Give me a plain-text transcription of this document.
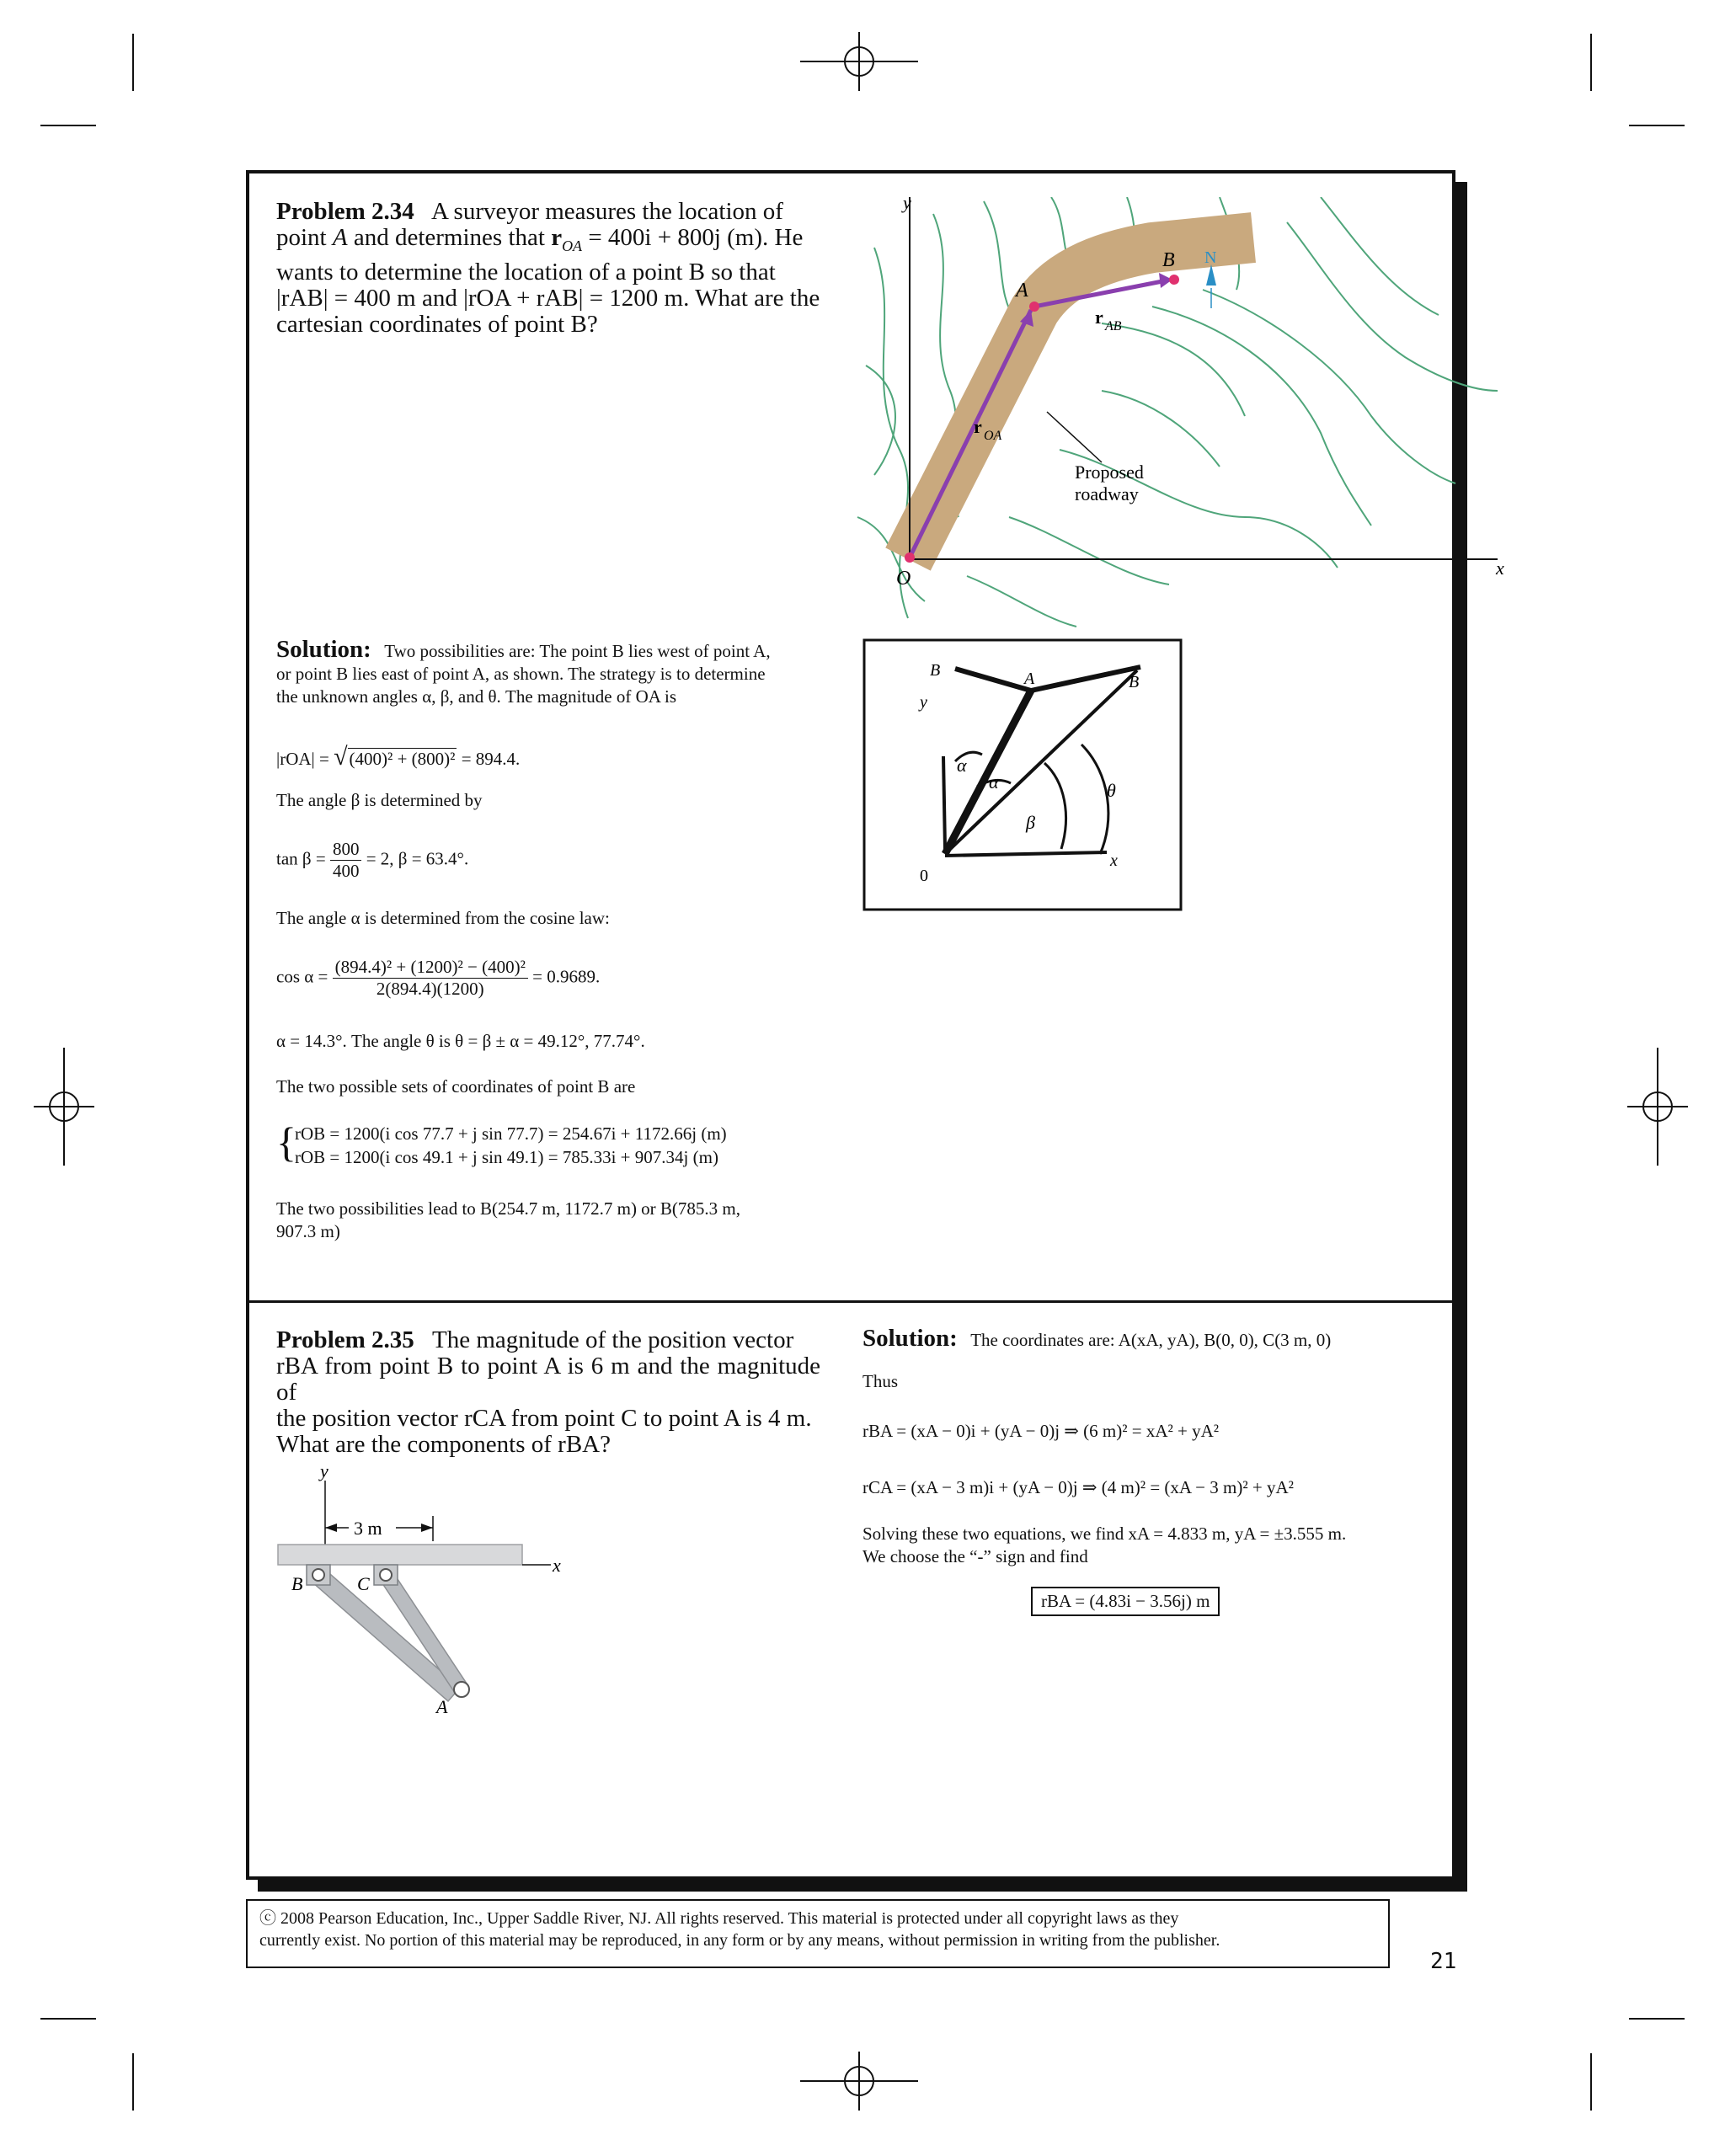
Problem 2.34 A surveyor measures the location of
point A and determines that $r_{OA} = 400i + 800j$ (m). He
wants to determine the location of a point B so that
|rAB| = 400 m and |rOA + rAB| = 1200 m. What are the
cartesian coordinates of point B?
y
x
O
A
B N
r OA
r AB
Proposed
roadway
Solution: Two possibilities are: The point B lies west of point A,
or point B lies east of point A, as shown. The strategy is to determine
the unknown angles α, β, and θ. The magnitude of OA is
|rOA| = √(400)² + (800)² = 894.4.
The angle β is determined by
$\tan \beta = \frac{800}{400} = 2$, β = 63.4°.
The angle α is determined from the cosine law:
$\cos \alpha = \frac{\text{(894.4)² + (1200)² − (400)²}}{2(894.4)(1200)} = 0.9689$.
α = 14.3°. The angle θ is θ = β ± α = 49.12°, 77.74°.
The two possible sets of coordinates of point B are
{
rOB = 1200(i cos 77.7 + j sin 77.7) = 254.67i + 1172.66j (m)
rOB = 1200(i cos 49.1 + j sin 49.1) = 785.33i + 907.34j (m)
The two possibilities lead to B(254.7 m, 1172.7 m) or B(785.3 m,
907.3 m)
B	A	B
y
α
α	θ
β
0
x
Problem 2.35 The magnitude of the position vector
rBA from point B to point A is 6 m and the magnitude of
the position vector rCA from point C to point A is 4 m.
What are the components of rBA?
y
3 m
x
B	C
A
Solution: The coordinates are: A(xA, yA), B(0, 0), C(3 m, 0)
Thus
rBA = (xA − 0)i + (yA − 0)j ⇒ (6 m)² = xA² + yA²
rCA = (xA − 3 m)i + (yA − 0)j ⇒ (4 m)² = (xA − 3 m)² + yA²
Solving these two equations, we find xA = 4.833 m, yA = ±3.555 m.
We choose the “-” sign and find
rBA = (4.83i − 3.56j) m
ⓒ 2008 Pearson Education, Inc., Upper Saddle River, NJ. All rights reserved. This material is protected under all copyright laws as they
currently exist. No portion of this material may be reproduced, in any form or by any means, without permission in writing from the publisher.
21
